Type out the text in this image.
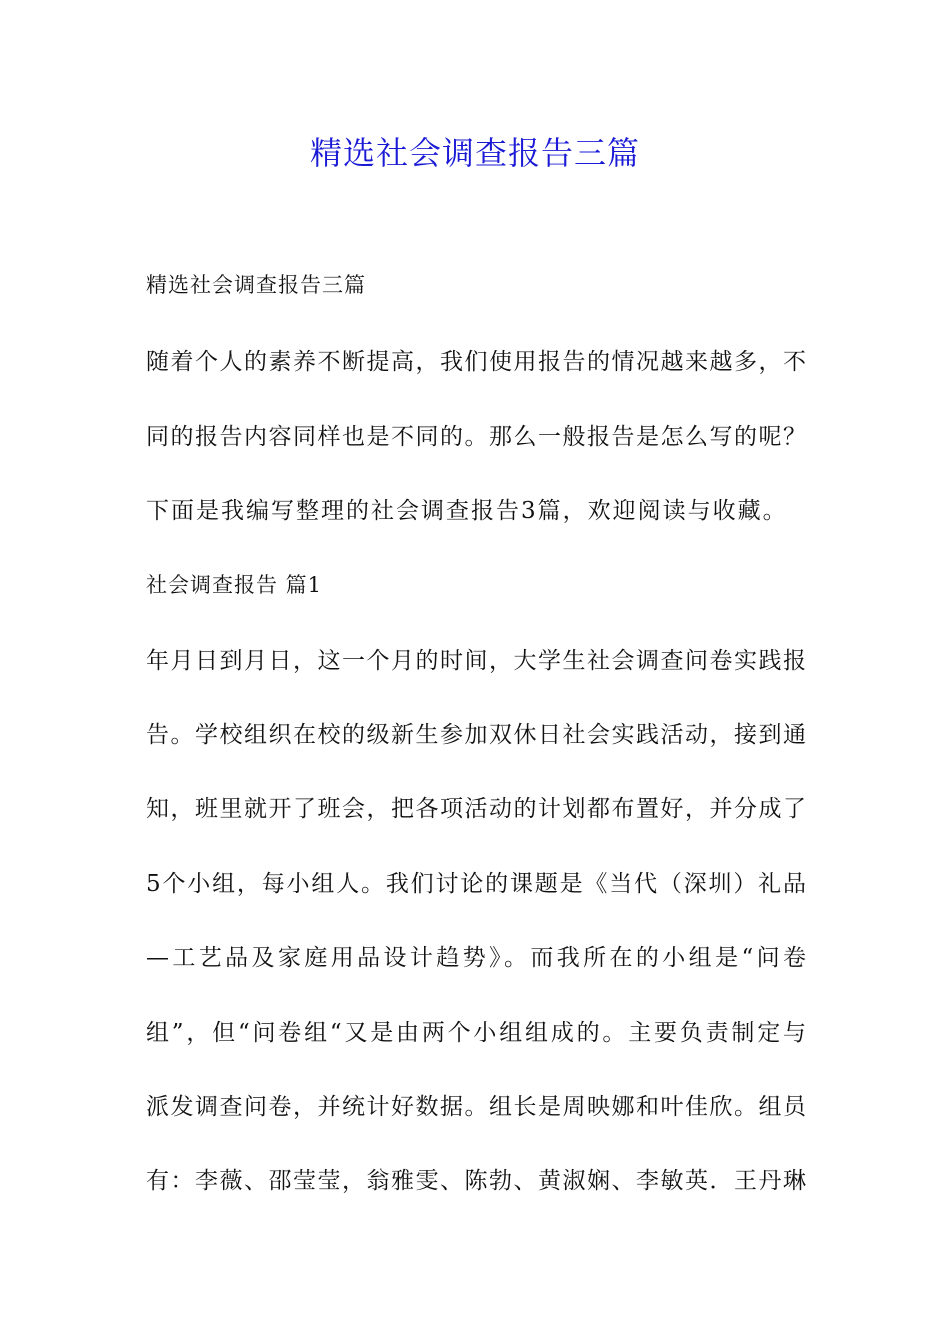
精选社会调查报告三篇
精选社会调查报告三篇
随着个人的素养不断提高，我们使用报告的情况越来越多，不
同的报告内容同样也是不同的。那么一般报告是怎么写的呢？
下面是我编写整理的社会调查报告3篇，欢迎阅读与收藏。
社会调查报告 篇1
年月日到月日，这一个月的时间，大学生社会调查问卷实践报
告。学校组织在校的级新生参加双休日社会实践活动，接到通
知，班里就开了班会，把各项活动的计划都布置好，并分成了
5个小组，每小组人。我们讨论的课题是《当代（深圳）礼品
—工艺品及家庭用品设计趋势》。而我所在的小组是“问卷
组”，但“问卷组“又是由两个小组组成的。主要负责制定与
派发调查问卷，并统计好数据。组长是周映娜和叶佳欣。组员
有：李薇、邵莹莹，翁雅雯、陈勃、黄淑娴、李敏英．王丹琳
